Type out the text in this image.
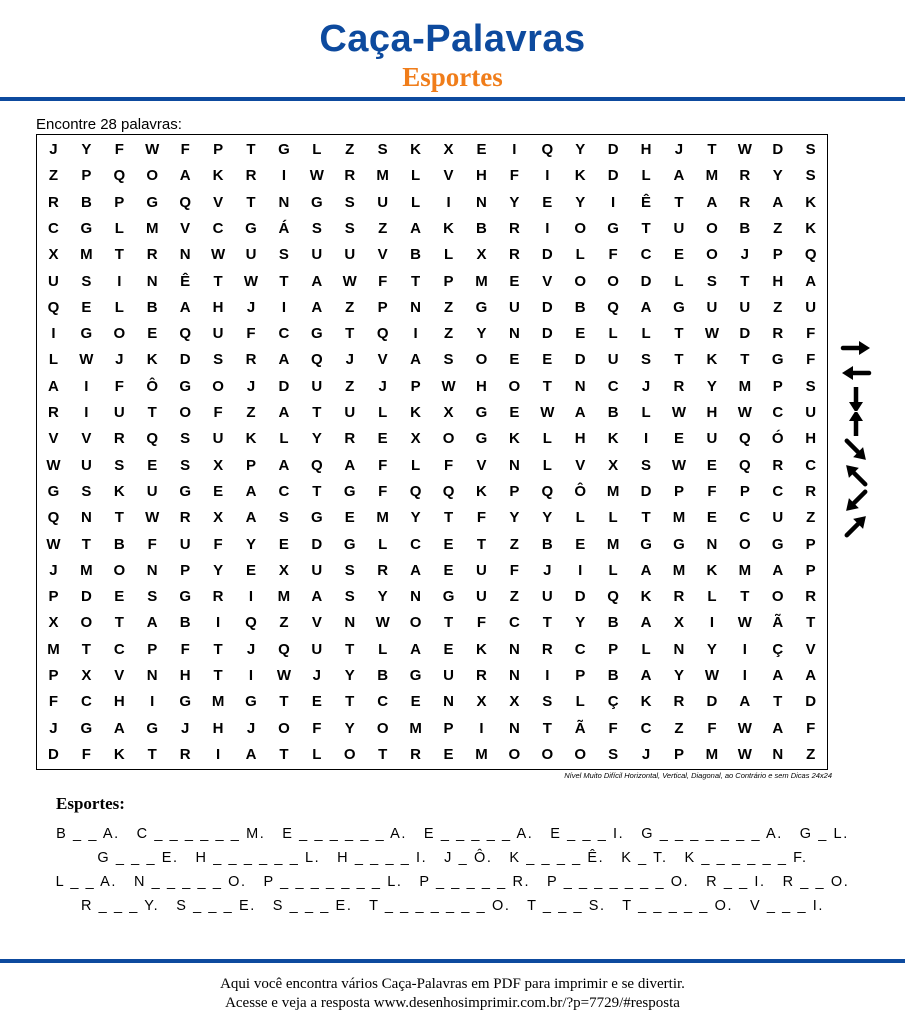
Caça-Palavras
Esportes
Encontre 28 palavras:
J	Y	F	W	F	P	T	G	L	Z	S	K	X	E	I	Q	Y	D	H	J	T	W	D	S
Z	P	Q	O	A	K	R	I	W	R	M	L	V	H	F	I	K	D	L	A	M	R	Y	S
R	B	P	G	Q	V	T	N	G	S	U	L	I	N	Y	E	Y	I	Ê	T	A	R	A	K
C	G	L	M	V	C	G	Á	S	S	Z	A	K	B	R	I	O	G	T	U	O	B	Z	K
X	M	T	R	N	W	U	S	U	U	V	B	L	X	R	D	L	F	C	E	O	J	P	Q
U	S	I	N	Ê	T	W	T	A	W	F	T	P	M	E	V	O	O	D	L	S	T	H	A
Q	E	L	B	A	H	J	I	A	Z	P	N	Z	G	U	D	B	Q	A	G	U	U	Z	U
I	G	O	E	Q	U	F	C	G	T	Q	I	Z	Y	N	D	E	L	L	T	W	D	R	F
L	W	J	K	D	S	R	A	Q	J	V	A	S	O	E	E	D	U	S	T	K	T	G	F
A	I	F	Ô	G	O	J	D	U	Z	J	P	W	H	O	T	N	C	J	R	Y	M	P	S
R	I	U	T	O	F	Z	A	T	U	L	K	X	G	E	W	A	B	L	W	H	W	C	U
V	V	R	Q	S	U	K	L	Y	R	E	X	O	G	K	L	H	K	I	E	U	Q	Ó	H
W	U	S	E	S	X	P	A	Q	A	F	L	F	V	N	L	V	X	S	W	E	Q	R	C
G	S	K	U	G	E	A	C	T	G	F	Q	Q	K	P	Q	Ô	M	D	P	F	P	C	R
Q	N	T	W	R	X	A	S	G	E	M	Y	T	F	Y	Y	L	L	T	M	E	C	U	Z
W	T	B	F	U	F	Y	E	D	G	L	C	E	T	Z	B	E	M	G	G	N	O	G	P
J	M	O	N	P	Y	E	X	U	S	R	A	E	U	F	J	I	L	A	M	K	M	A	P
P	D	E	S	G	R	I	M	A	S	Y	N	G	U	Z	U	D	Q	K	R	L	T	O	R
X	O	T	A	B	I	Q	Z	V	N	W	O	T	F	C	T	Y	B	A	X	I	W	Ã	T
M	T	C	P	F	T	J	Q	U	T	L	A	E	K	N	R	C	P	L	N	Y	I	Ç	V
P	X	V	N	H	T	I	W	J	Y	B	G	U	R	N	I	P	B	A	Y	W	I	A	A
F	C	H	I	G	M	G	T	E	T	C	E	N	X	X	S	L	Ç	K	R	D	A	T	D
J	G	A	G	J	H	J	O	F	Y	O	M	P	I	N	T	Ã	F	C	Z	F	W	A	F
D	F	K	T	R	I	A	T	L	O	T	R	E	M	O	O	O	S	J	P	M	W	N	Z
Nível Muito Difícil Horizontal, Vertical, Diagonal, ao Contrário e sem Dicas 24x24
Esportes:
B _ _ A.   C _ _ _ _ _ _ M.   E _ _ _ _ _ _ A.   E _ _ _ _ _ A.   E _ _ _ I.   G _ _ _ _ _ _ _ A.   G _ L.
G _ _ _ E.   H _ _ _ _ _ _ L.   H _ _ _ _ I.   J _ Ô.   K _ _ _ _ Ê.   K _ T.   K _ _ _ _ _ _ F.
L _ _ A.   N _ _ _ _ _ O.   P _ _ _ _ _ _ _ L.   P _ _ _ _ _ R.   P _ _ _ _ _ _ _ O.   R _ _ I.   R _ _ O.
R _ _ _ Y.   S _ _ _ E.   S _ _ _ E.   T _ _ _ _ _ _ _ O.   T _ _ _ S.   T _ _ _ _ _ O.   V _ _ _ I.
Aqui você encontra vários Caça-Palavras em PDF para imprimir e se divertir.
Acesse e veja a resposta www.desenhosimprimir.com.br/?p=7729/#resposta
